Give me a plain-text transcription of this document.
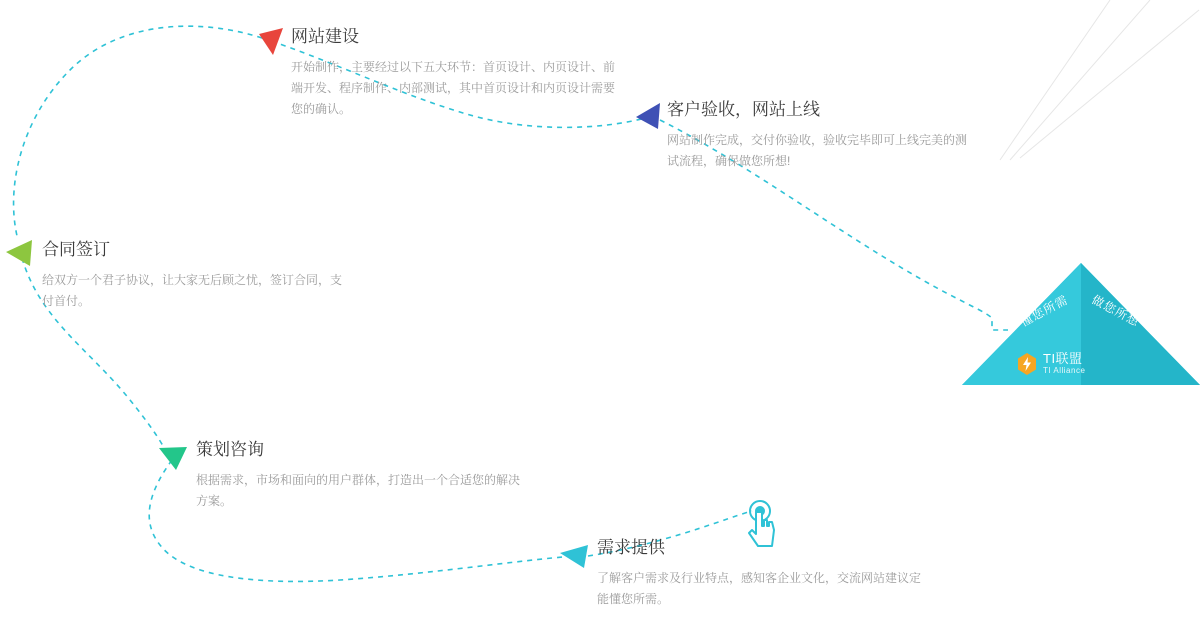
网站建设
开始制作，主要经过以下五大环节：首页设计、内页设计、前端开发、程序制作、内部测试，其中首页设计和内页设计需要您的确认。	客户验收，网站上线
网站制作完成，交付你验收，验收完毕即可上线完美的测试流程，确保做您所想!
合同签订
给双方一个君子协议，让大家无后顾之忧，签订合同，支付首付。
策划咨询
根据需求，市场和面向的用户群体，打造出一个合适您的解决方案。
需求提供
了解客户需求及行业特点，感知客企业文化，交流网站建议定能懂您所需。
懂您所需 做您所想
TI联盟
TI Alliance
